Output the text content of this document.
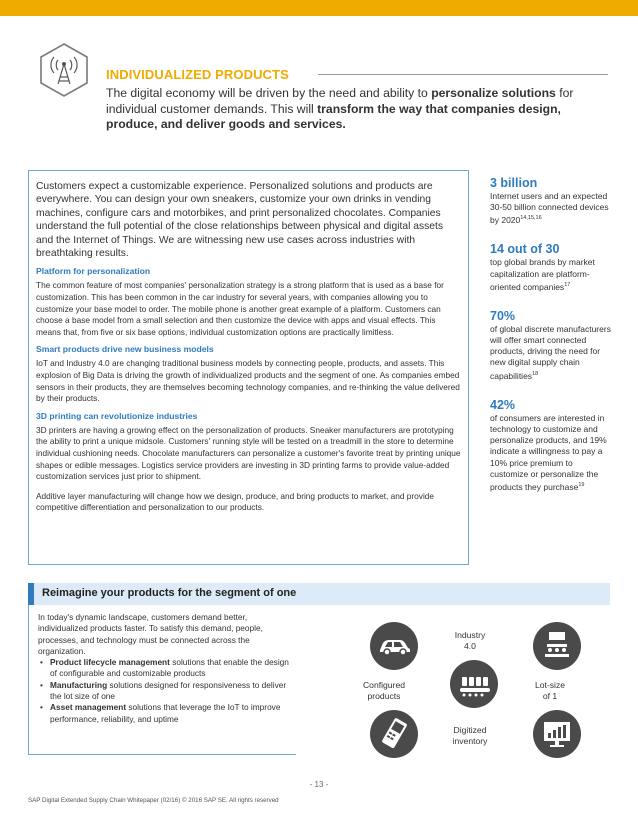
INDIVIDUALIZED PRODUCTS
The digital economy will be driven by the need and ability to personalize solutions for individual customer demands. This will transform the way that companies design, produce, and deliver goods and services.

Customers expect a customizable experience. Personalized solutions and products are everywhere. You can design your own sneakers, customize your own drinks in vending machines, configure cars and motorbikes, and print personalized chocolates. Companies understand the full potential of the close relationships between physical and digital assets and the Internet of Things. We are witnessing new use cases across industries with breathtaking results.

Platform for personalization

The common feature of most companies' personalization strategy is a strong platform that is used as a base for customization. This has been common in the car industry for several years, with companies allowing you to customize your base model to order. The mobile phone is another great example of a platform. Customers can choose a base model from a small selection and then customize the device with apps and visual effects. This means that, from five or six base options, individual customization options are practically limitless.

Smart products drive new business models

IoT and Industry 4.0 are changing traditional business models by connecting people, products, and assets. This explosion of Big Data is driving the growth of individualized products and the segment of one. As companies embed sensors in their products, they are themselves becoming technology companies, and re-thinking the value delivered by their products.

3D printing can revolutionize industries

3D printers are having a growing effect on the personalization of products. Sneaker manufacturers are prototyping the ability to print a unique midsole. Customers' running style will be tested on a treadmill in the store to determine individual cushioning needs. Chocolate manufacturers can personalize a customer's favorite treat by printing unique shapes or edible messages. Logistics service providers are investing in 3D printing farms to provide value-added customization services just prior to shipment.

Additive layer manufacturing will change how we design, produce, and bring products to market, and provide competitive differentiation and personalization to our products.

3 billion
Internet users and an expected 30-50 billion connected devices by 2020$^{14,15,16}$
14 out of 30
top global brands by market capitalization are platform-oriented companies$^{17}$
70%
of global discrete manufacturers will offer smart connected products, driving the need for new digital supply chain capabilities$^{18}$
42%
of consumers are interested in technology to customize and personalize products, and 19% indicate a willingness to pay a 10% price premium to customize or personalize the products they purchase$^{19}$
Reimagine your products for the segment of one

In today's dynamic landscape, customers demand better, individualized products faster. To satisfy this demand, people, processes, and technology must be connected across the organization.

• Product lifecycle management solutions that enable the design of configurable and customizable products
• Manufacturing solutions designed for responsiveness to deliver the lot size of one
• Asset management solutions that leverage the IoT to improve performance, reliability, and uptime
Industry
4.0
Configured
products
Lot-size
of 1
Digitized
inventory
- 13 -
SAP Digital Extended Supply Chain Whitepaper (02/16) © 2016 SAP SE. All rights reserved
